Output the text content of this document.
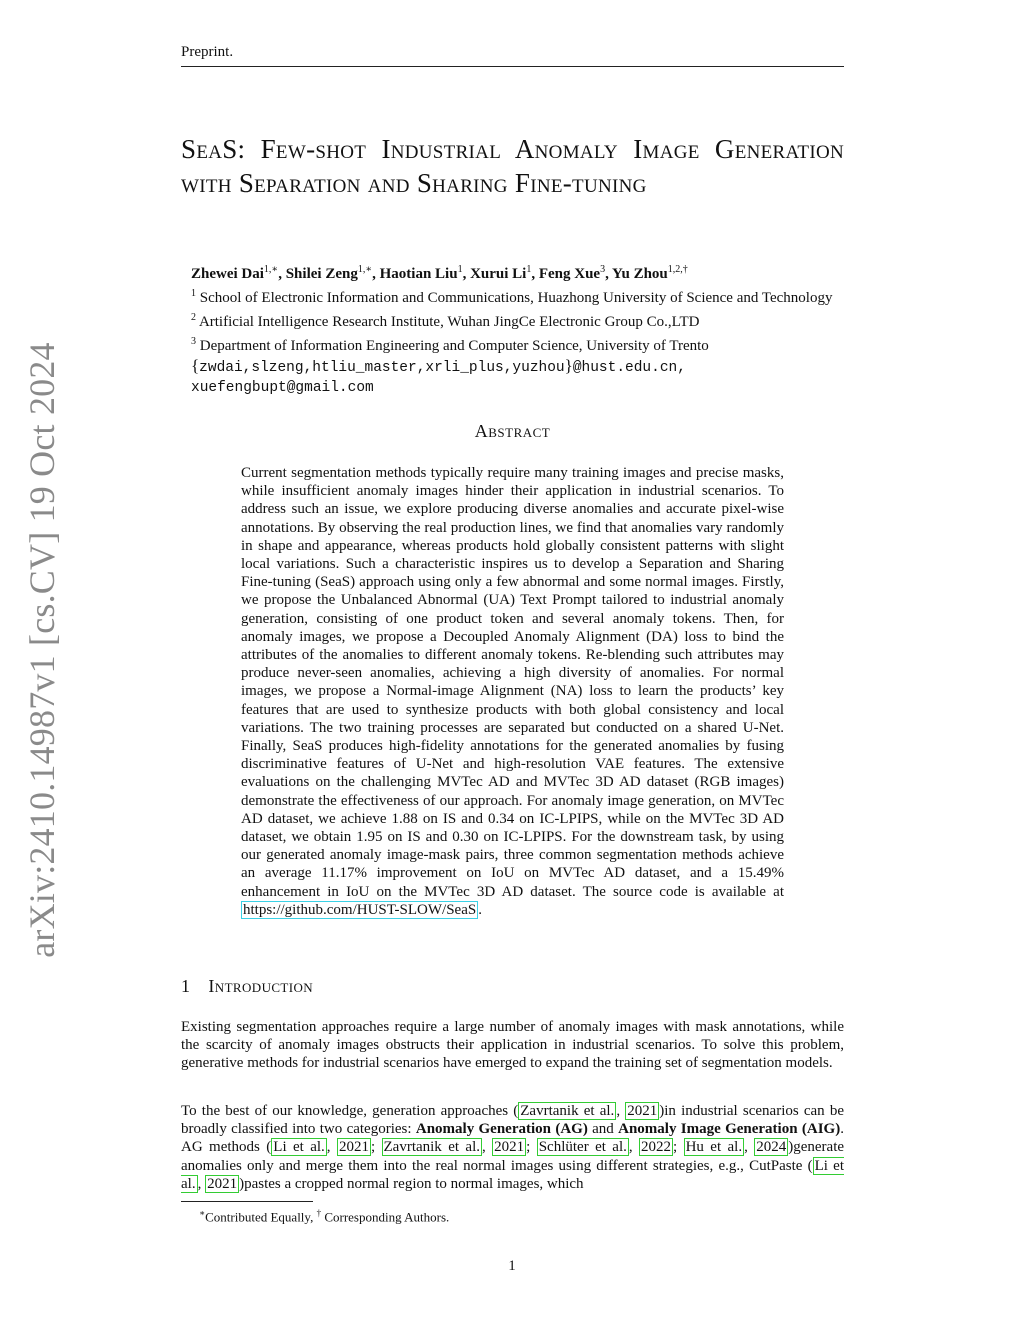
Preprint.
SeaS: Few-shot Industrial Anomaly Image Generation with Separation and Sharing Fine-tuning
arXiv:2410.14987v1 [cs.CV] 19 Oct 2024
Zhewei Dai$^{1,∗}$, Shilei Zeng$^{1,∗}$, Haotian Liu$^1$, Xurui Li$^1$, Feng Xue$^3$, Yu Zhou$^{1,2,\dagger}$
$^1$ School of Electronic Information and Communications, Huazhong University of Science and Technology
$^2$ Artificial Intelligence Research Institute, Wuhan JingCe Electronic Group Co.,LTD
$^3$ Department of Information Engineering and Computer Science, University of Trento
{zwdai,slzeng,htliu_master,xrli_plus,yuzhou}@hust.edu.cn,
xuefengbupt@gmail.com
Abstract
Current segmentation methods typically require many training images and precise masks, while insufficient anomaly images hinder their application in industrial scenarios. To address such an issue, we explore producing diverse anomalies and accurate pixel-wise annotations. By observing the real production lines, we find that anomalies vary randomly in shape and appearance, whereas products hold globally consistent patterns with slight local variations. Such a characteristic inspires us to develop a Separation and Sharing Fine-tuning (SeaS) approach using only a few abnormal and some normal images. Firstly, we propose the Unbalanced Abnormal (UA) Text Prompt tailored to industrial anomaly generation, consisting of one product token and several anomaly tokens. Then, for anomaly images, we propose a Decoupled Anomaly Alignment (DA) loss to bind the attributes of the anomalies to different anomaly tokens. Re-blending such attributes may produce never-seen anomalies, achieving a high diversity of anomalies. For normal images, we propose a Normal-image Alignment (NA) loss to learn the products’ key features that are used to synthesize products with both global consistency and local variations. The two training processes are separated but conducted on a shared U-Net. Finally, SeaS produces high-fidelity annotations for the generated anomalies by fusing discriminative features of U-Net and high-resolution VAE features. The extensive evaluations on the challenging MVTec AD and MVTec 3D AD dataset (RGB images) demonstrate the effectiveness of our approach. For anomaly image generation, on MVTec AD dataset, we achieve 1.88 on IS and 0.34 on IC-LPIPS, while on the MVTec 3D AD dataset, we obtain 1.95 on IS and 0.30 on IC-LPIPS. For the downstream task, by using our generated anomaly image-mask pairs, three common segmentation methods achieve an average 11.17% improvement on IoU on MVTec AD dataset, and a 15.49% enhancement in IoU on the MVTec 3D AD dataset. The source code is available at https://github.com/HUST-SLOW/SeaS .
1 Introduction
Existing segmentation approaches require a large number of anomaly images with mask annotations, while the scarcity of anomaly images obstructs their application in industrial scenarios. To solve this problem, generative methods for industrial scenarios have emerged to expand the training set of segmentation models.
To the best of our knowledge, generation approaches ( Zavrtanik et al. , 2021 )in industrial scenarios can be broadly classified into two categories: Anomaly Generation (AG) and Anomaly Image Generation (AIG). AG methods ( Li et al. , 2021 ; Zavrtanik et al. , 2021 ; Schlüter et al. , 2022 ; Hu et al. , 2024 )generate anomalies only and merge them into the real normal images using different strategies, e.g., CutPaste ( Li et al. , 2021 )pastes a cropped normal region to normal images, which
∗Contributed Equally, † Corresponding Authors.
1
